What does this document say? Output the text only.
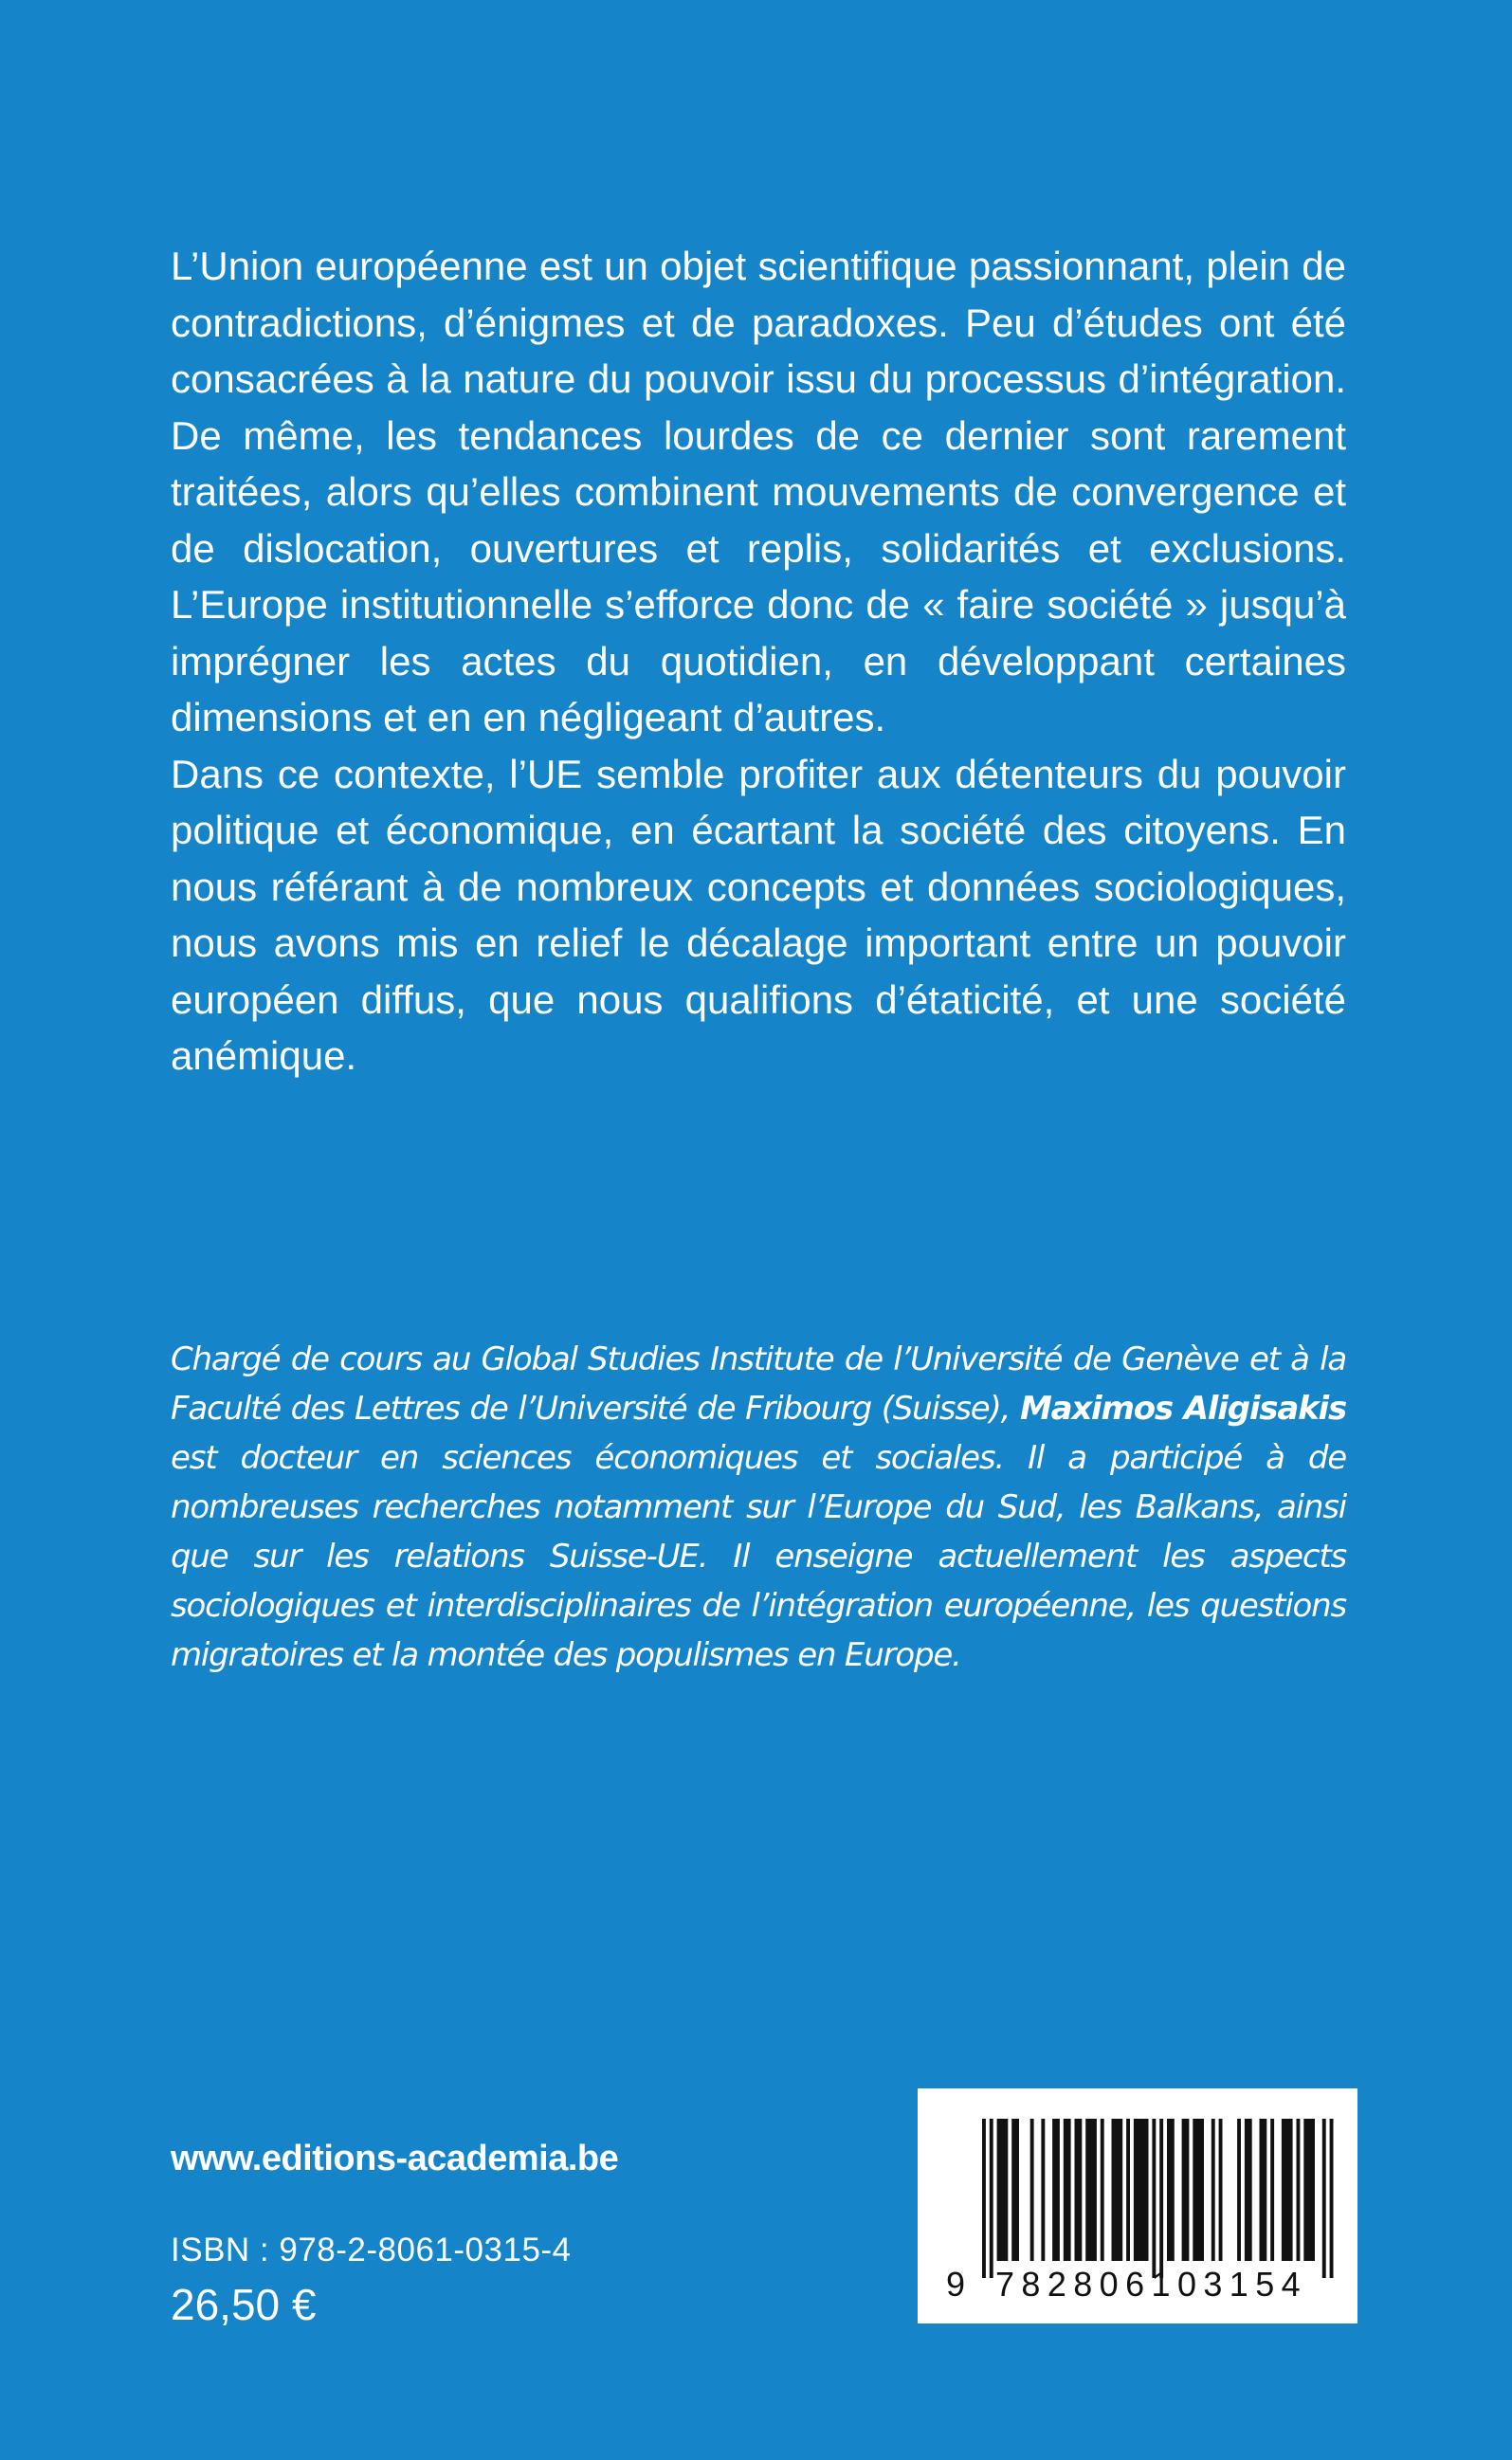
L’Union européenne est un objet scientifique passionnant, plein de contradictions, d’énigmes et de paradoxes. Peu d’études ont été consacrées à la nature du pouvoir issu du processus d’intégration. De même, les tendances lourdes de ce dernier sont rarement traitées, alors qu’elles combinent mouvements de convergence et de dislocation, ouvertures et replis, solidarités et exclusions. L’Europe institutionnelle s’efforce donc de « faire société » jusqu’à imprégner les actes du quotidien, en développant certaines dimensions et en en négligeant d’autres.

Dans ce contexte, l’UE semble profiter aux détenteurs du pouvoir politique et économique, en écartant la société des citoyens. En nous référant à de nombreux concepts et données sociologiques, nous avons mis en relief le décalage important entre un pouvoir européen diffus, que nous qualifions d’étaticité, et une société anémique.

Chargé de cours au Global Studies Institute de l’Université de Genève et à la Faculté des Lettres de l’Université de Fribourg (Suisse), Maximos Aligisakis est docteur en sciences économiques et sociales. Il a participé à de nombreuses recherches notamment sur l’Europe du Sud, les Balkans, ainsi que sur les relations Suisse-UE. Il enseigne actuellement les aspects sociologiques et interdisciplinaires de l’intégration européenne, les questions migratoires et la montée des populismes en Europe.

www.editions-academia.be
ISBN : 978-2-8061-0315-4
26,50 €	9 782806103154
